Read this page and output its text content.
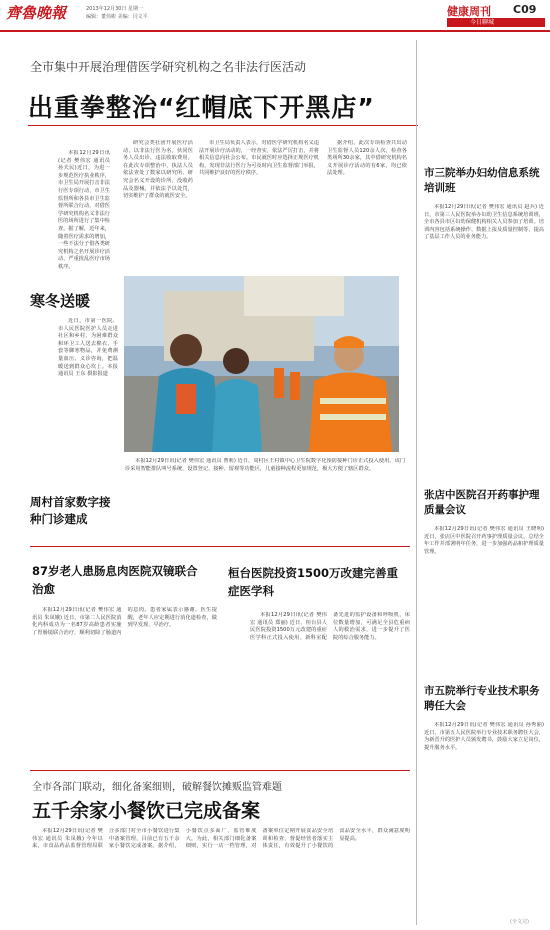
齊魯晚報	2013年12月30日 星期一
编辑：董伟彬 美编：闫文平	健康周刊 C09
今日聊城
全市集中开展治理借医学研究机构之名非法行医活动
出重拳整治“红帽底下开黑店”
本报12月29日讯(记者 樊伟宏 通讯员 孙夫民)近日，为进一步规范医疗执业秩序，市卫生局开展打击非法行医专项行动，市卫生监督所和各县市卫生监督所联合行动，对借医学研究机构名义非法行医的场所进行了集中检查。据了解，近年来，随着医疗需求的增加，一些不法分子借各类研究机构之名开展诊疗活动，严重扰乱医疗市场秩序。
研究会类社团开展医疗活动，以非法行医为名，伙同医务人员出诊，违法收取费用。在此次专项整治中，执法人员依法查处了数家以研究所、研究会名义开设的诊所，没收药品及器械，并依法予以处罚，切实维护了群众的就医安全。
市卫生局负责人表示，对借医学研究机构名义违法开展诊疗活动的，一经查实，依法严厉打击，并将相关信息向社会公布。市民就医时应选择正规医疗机构，发现非法行医行为可及时向卫生监督部门举报，共同维护良好的医疗秩序。
据介绍，此次专项检查共出动卫生监督人员120余人次，检查各类场所30余家，其中借研究机构名义开展诊疗活动的有6家，均已依法处理。
寒冬送暖
近日，市第一医院、市人民医院医护人员走进社区和乡村，为困难群众和环卫工人送去棉衣、手套等御寒物品，并免费测量血压、义诊咨询，把温暖送到群众心坎上。本报通讯员 王东 摄影报道
周村首家数字接种门诊建成
本报12月29日讯(记者 樊伟宏 通讯员 曹莉) 近日，周村区王村镇中心卫生院数字化预防接种门诊正式投入使用。该门诊采用智能排队叫号系统，设置登记、接种、留观等功能区，儿童接种流程更加规范，极大方便了辖区群众。
87岁老人患肠息肉医院双镜联合治愈
本报12月29日讯(记者 樊伟宏 通讯员 朱凤娥) 近日，市第二人民医院消化内科成功为一名87岁高龄患者实施了胃肠镜联合治疗，顺利切除了肠道内的息肉。患者家属表示感谢。医生提醒，老年人应定期进行消化道检查，做到早发现、早治疗。
桓台医院投资1500万改建完善重症医学科
本报12月29日讯(记者 樊伟宏 通讯员 郑丽) 近日，桓台县人民医院投资1500万元改建的重症医学科正式投入使用。新科室配备先进的监护设备和呼吸机，床位数量增加，可满足全县危重病人的救治需求，进一步提升了医院的综合服务能力。
全市各部门联动，细化备案细则，破解餐饮摊贩监管难题
五千余家小餐饮已完成备案
本报12月29日讯(记者 樊伟宏 通讯员 朱凤娥) 今年以来，市食品药品监督管理局联合多部门对全市小餐饮进行集中备案管理，目前已有五千余家小餐饮完成备案。据介绍，小餐饮点多面广，监管难度大。为此，相关部门细化备案细则，实行一店一档管理，对备案单位定期开展食品安全培训和检查，督促经营者落实主体责任，有效提升了小餐饮的食品安全水平，群众满意度明显提高。
市三院举办妇幼信息系统培训班
本报12月29日讯(记者 樊伟宏 通讯员 赵兵) 近日，市第三人民医院举办妇幼卫生信息系统培训班，全市各县市区妇幼保健机构相关人员参加了培训。培训内容包括系统操作、数据上报及质量控制等，提高了基层工作人员的业务能力。
张店中医院召开药事护理质量会议
本报12月29日讯(记者 樊伟宏 通讯员 王晓明) 近日，张店区中医院召开药事护理质量会议，总结全年工作并部署明年任务，进一步加强药品和护理质量管理。
市五院举行专业技术职务聘任大会
本报12月29日讯(记者 樊伟宏 通讯员 孙秀丽) 近日，市第五人民医院举行专业技术职务聘任大会，为新晋升的医护人员颁发聘书，鼓励大家立足岗位，提升服务水平。
(全文完)
